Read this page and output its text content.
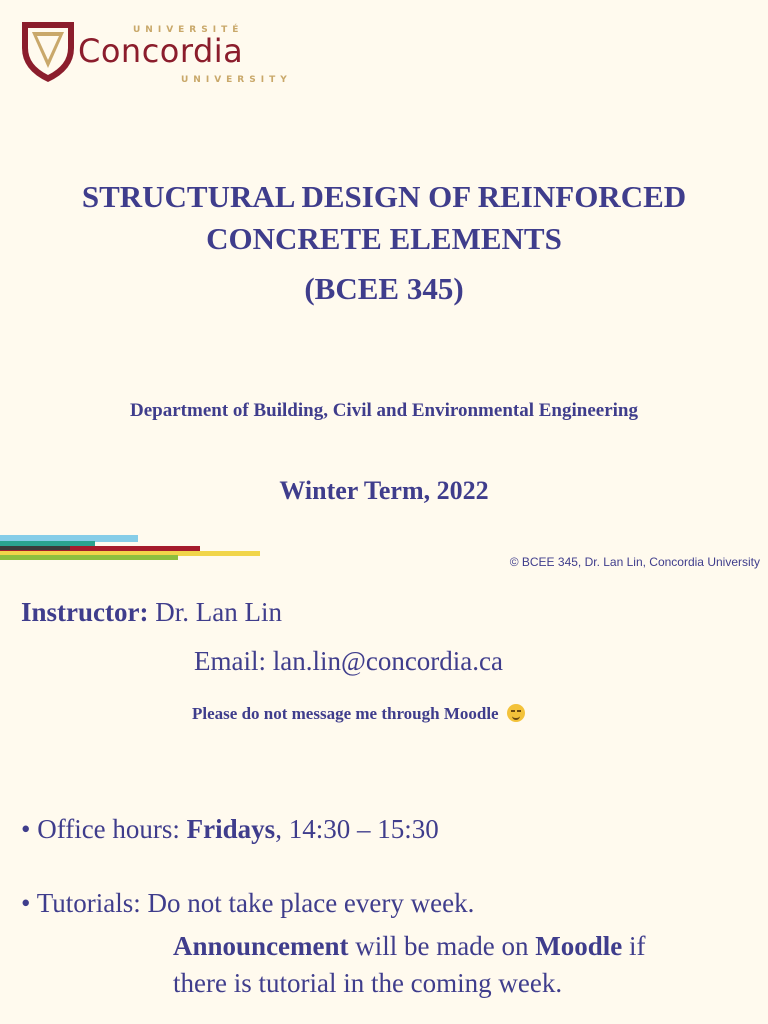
UNIVERSITÉ
Concordia
UNIVERSITY
STRUCTURAL DESIGN OF REINFORCED
CONCRETE ELEMENTS
(BCEE 345)
Department of Building, Civil and Environmental Engineering
Winter Term, 2022
© BCEE 345, Dr. Lan Lin, Concordia University
Instructor: Dr. Lan Lin
Email: lan.lin@concordia.ca
Please do not message me through Moodle
• Office hours: Fridays, 14:30 – 15:30
• Tutorials: Do not take place every week.
Announcement will be made on Moodle if
there is tutorial in the coming week.
